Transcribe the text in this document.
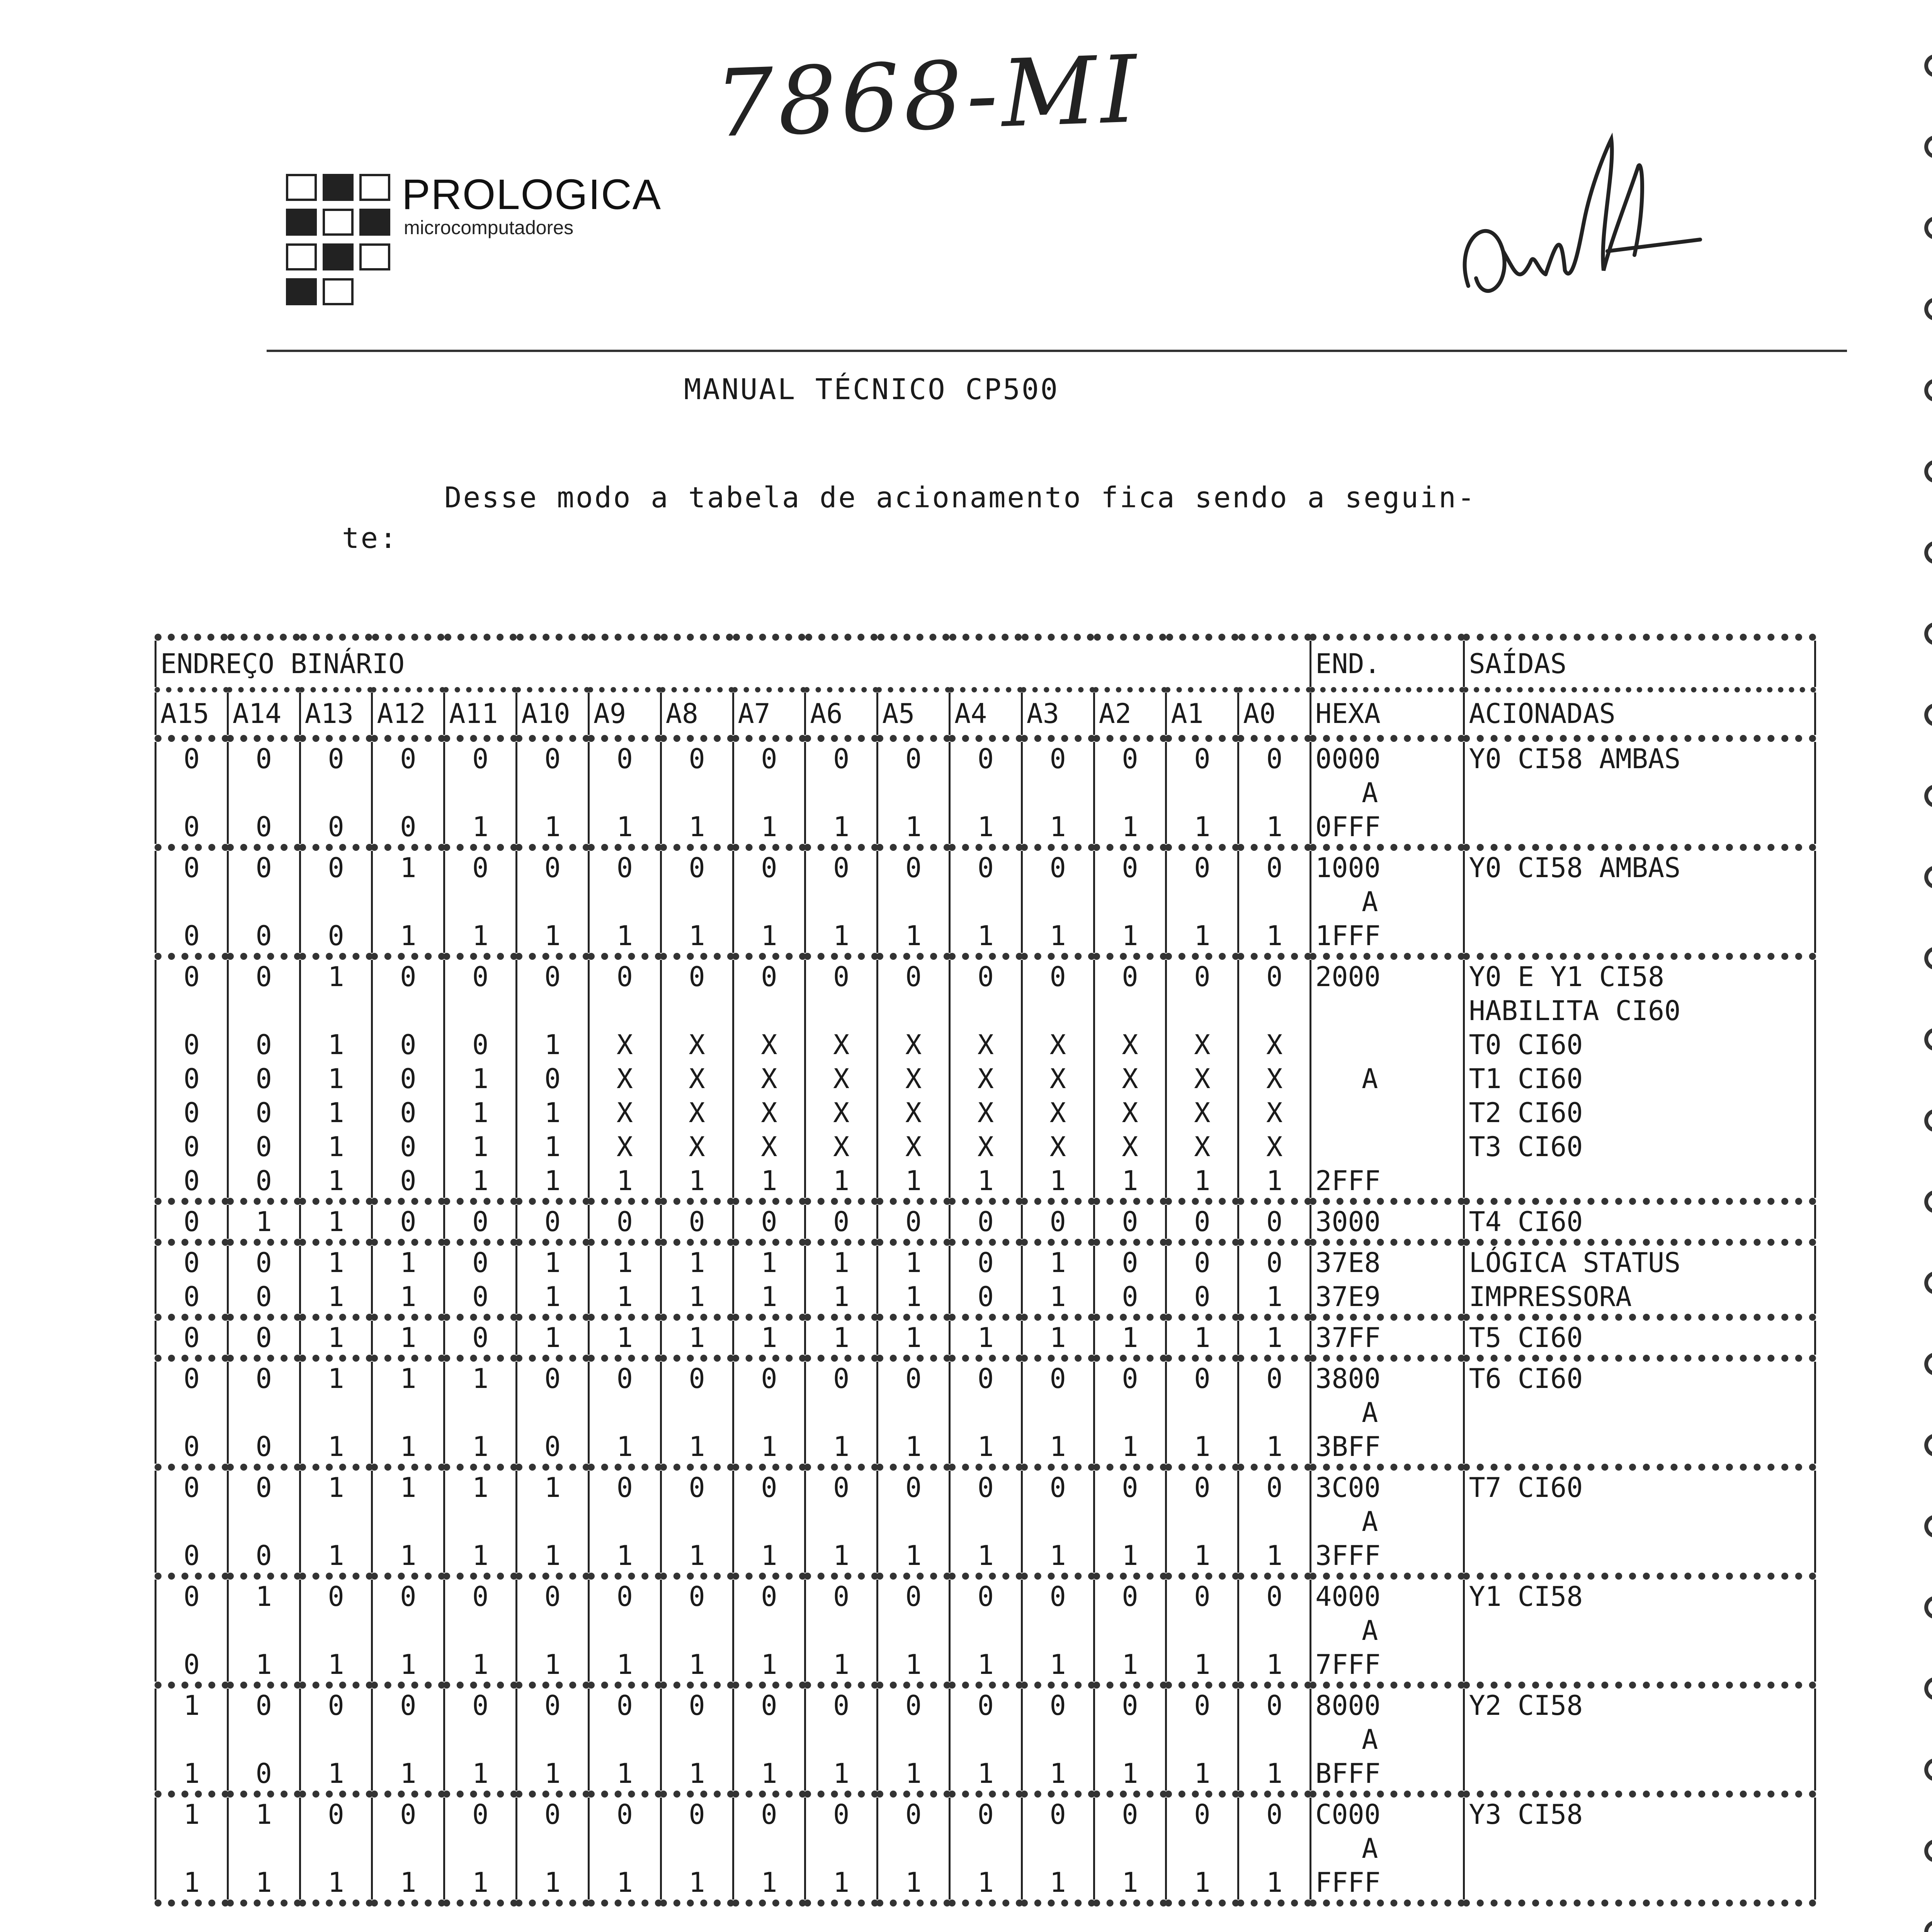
7868-MI
PROLOGICA
microcomputadores
MANUAL TÉCNICO CP500
Desse modo a tabela de acionamento fica sendo a seguin-
te:
ENDREÇO BINÁRIO																END.	SAÍDAS
A15	A14	A13	A12	A11	A10	A9	A8	A7	A6	A5	A4	A3	A2	A1	A0	HEXA	ACIONADAS
0	0	0	0	0	0	0	0	0	0	0	0	0	0	0	0	0000	Y0 CI58 AMBAS
																A	
0	0	0	0	1	1	1	1	1	1	1	1	1	1	1	1	0FFF	
0	0	0	1	0	0	0	0	0	0	0	0	0	0	0	0	1000	Y0 CI58 AMBAS
																A	
0	0	0	1	1	1	1	1	1	1	1	1	1	1	1	1	1FFF	
0	0	1	0	0	0	0	0	0	0	0	0	0	0	0	0	2000	Y0 E Y1 CI58
																	HABILITA CI60
0	0	1	0	0	1	X	X	X	X	X	X	X	X	X	X		T0 CI60
0	0	1	0	1	0	X	X	X	X	X	X	X	X	X	X	A	T1 CI60
0	0	1	0	1	1	X	X	X	X	X	X	X	X	X	X		T2 CI60
0	0	1	0	1	1	X	X	X	X	X	X	X	X	X	X		T3 CI60
0	0	1	0	1	1	1	1	1	1	1	1	1	1	1	1	2FFF	
0	1	1	0	0	0	0	0	0	0	0	0	0	0	0	0	3000	T4 CI60
0	0	1	1	0	1	1	1	1	1	1	0	1	0	0	0	37E8	LÓGICA STATUS
0	0	1	1	0	1	1	1	1	1	1	0	1	0	0	1	37E9	IMPRESSORA
0	0	1	1	0	1	1	1	1	1	1	1	1	1	1	1	37FF	T5 CI60
0	0	1	1	1	0	0	0	0	0	0	0	0	0	0	0	3800	T6 CI60
																A	
0	0	1	1	1	0	1	1	1	1	1	1	1	1	1	1	3BFF	
0	0	1	1	1	1	0	0	0	0	0	0	0	0	0	0	3C00	T7 CI60
																A	
0	0	1	1	1	1	1	1	1	1	1	1	1	1	1	1	3FFF	
0	1	0	0	0	0	0	0	0	0	0	0	0	0	0	0	4000	Y1 CI58
																A	
0	1	1	1	1	1	1	1	1	1	1	1	1	1	1	1	7FFF	
1	0	0	0	0	0	0	0	0	0	0	0	0	0	0	0	8000	Y2 CI58
																A	
1	0	1	1	1	1	1	1	1	1	1	1	1	1	1	1	BFFF	
1	1	0	0	0	0	0	0	0	0	0	0	0	0	0	0	C000	Y3 CI58
																A	
1	1	1	1	1	1	1	1	1	1	1	1	1	1	1	1	FFFF	
